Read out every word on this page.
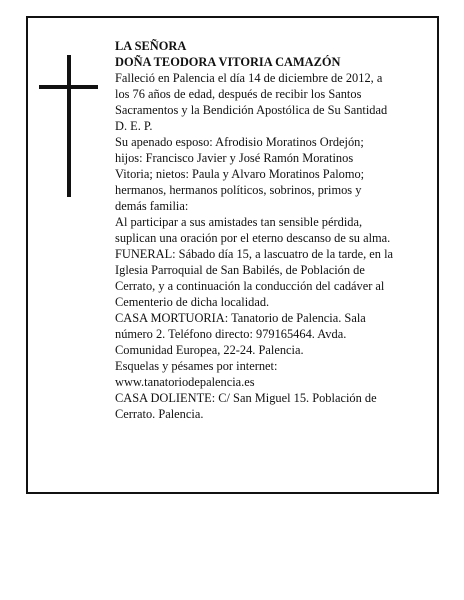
LA SEÑORA

DOÑA TEODORA VITORIA CAMAZÓN

Falleció en Palencia el día 14 de diciembre de 2012, a
los 76 años de edad, después de recibir los Santos
Sacramentos y la Bendición Apostólica de Su Santidad
D. E. P.

Su apenado esposo: Afrodisio Moratinos Ordejón;
hijos: Francisco Javier y José Ramón Moratinos
Vitoria; nietos: Paula y Alvaro Moratinos Palomo;
hermanos, hermanos políticos, sobrinos, primos y
demás familia:

Al participar a sus amistades tan sensible pérdida,
suplican una oración por el eterno descanso de su alma.

FUNERAL: Sábado día 15, a lascuatro de la tarde, en la
Iglesia Parroquial de San Babilés, de Población de
Cerrato, y a continuación la conducción del cadáver al
Cementerio de dicha localidad.

CASA MORTUORIA: Tanatorio de Palencia. Sala
número 2. Teléfono directo: 979165464. Avda.
Comunidad Europea, 22-24. Palencia.

Esquelas y pésames por internet:
www.tanatoriodepalencia.es

CASA DOLIENTE: C/ San Miguel 15. Población de
Cerrato. Palencia.
